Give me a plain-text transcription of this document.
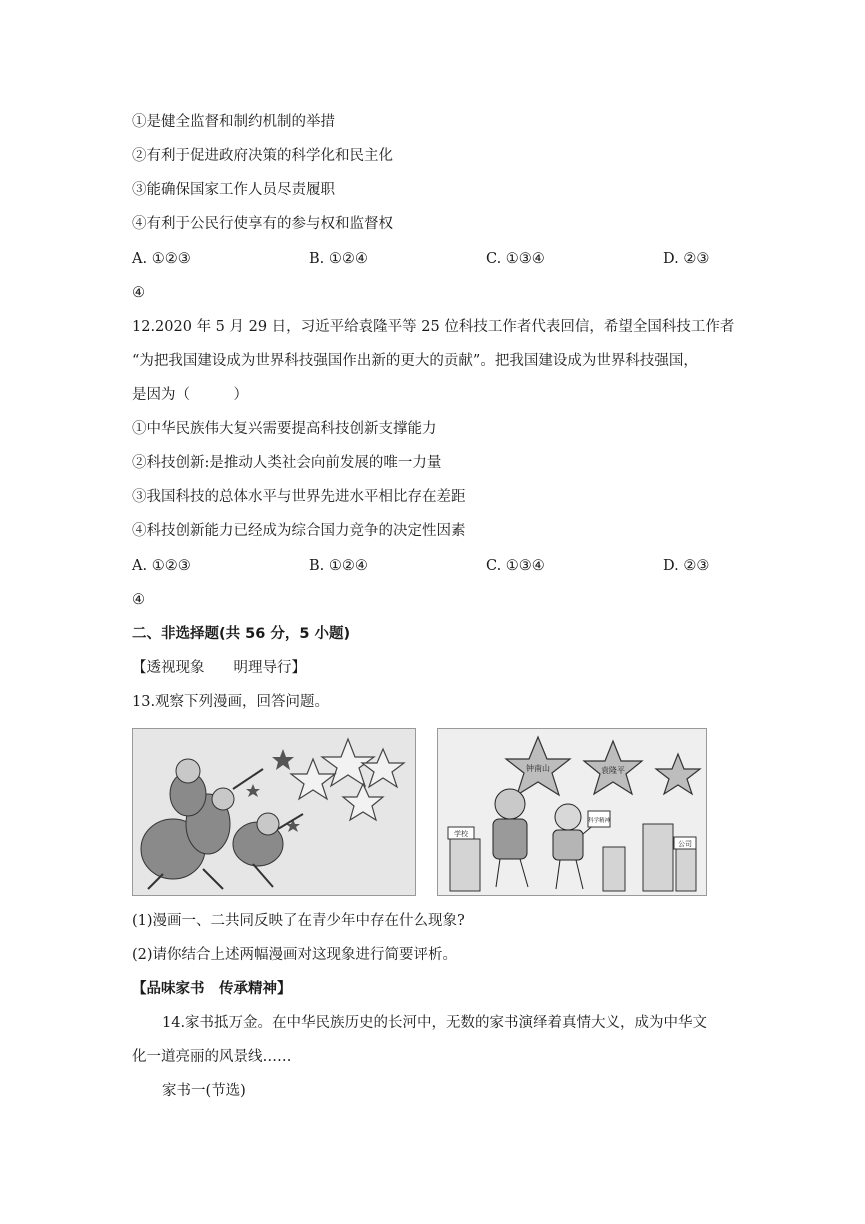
①是健全监督和制约机制的举措
②有利于促进政府决策的科学化和民主化
③能确保国家工作人员尽责履职
④有利于公民行使享有的参与权和监督权
A. ①②③	B. ①②④	C. ①③④	D. ②③
④
12.2020 年 5 月 29 日，习近平给袁隆平等 25 位科技工作者代表回信，希望全国科技工作者
“为把我国建设成为世界科技强国作出新的更大的贡献”。把我国建设成为世界科技强国，
是因为（　　　）
①中华民族伟大复兴需要提高科技创新支撑能力
②科技创新:是推动人类社会向前发展的唯一力量
③我国科技的总体水平与世界先进水平相比存在差距
④科技创新能力已经成为综合国力竞争的决定性因素
A. ①②③	B. ①②④	C. ①③④	D. ②③
④
二、非选择题(共 56 分，5 小题)
【透视现象　　明理导行】
13.观察下列漫画，回答问题。
钟南山	袁隆平
学校
公司
科学精神
(1)漫画一、二共同反映了在青少年中存在什么现象?
(2)请你结合上述两幅漫画对这现象进行简要评析。
【品味家书　传承精神】
14.家书抵万金。在中华民族历史的长河中，无数的家书演绎着真情大义，成为中华文
化一道亮丽的风景线……
家书一(节选)
